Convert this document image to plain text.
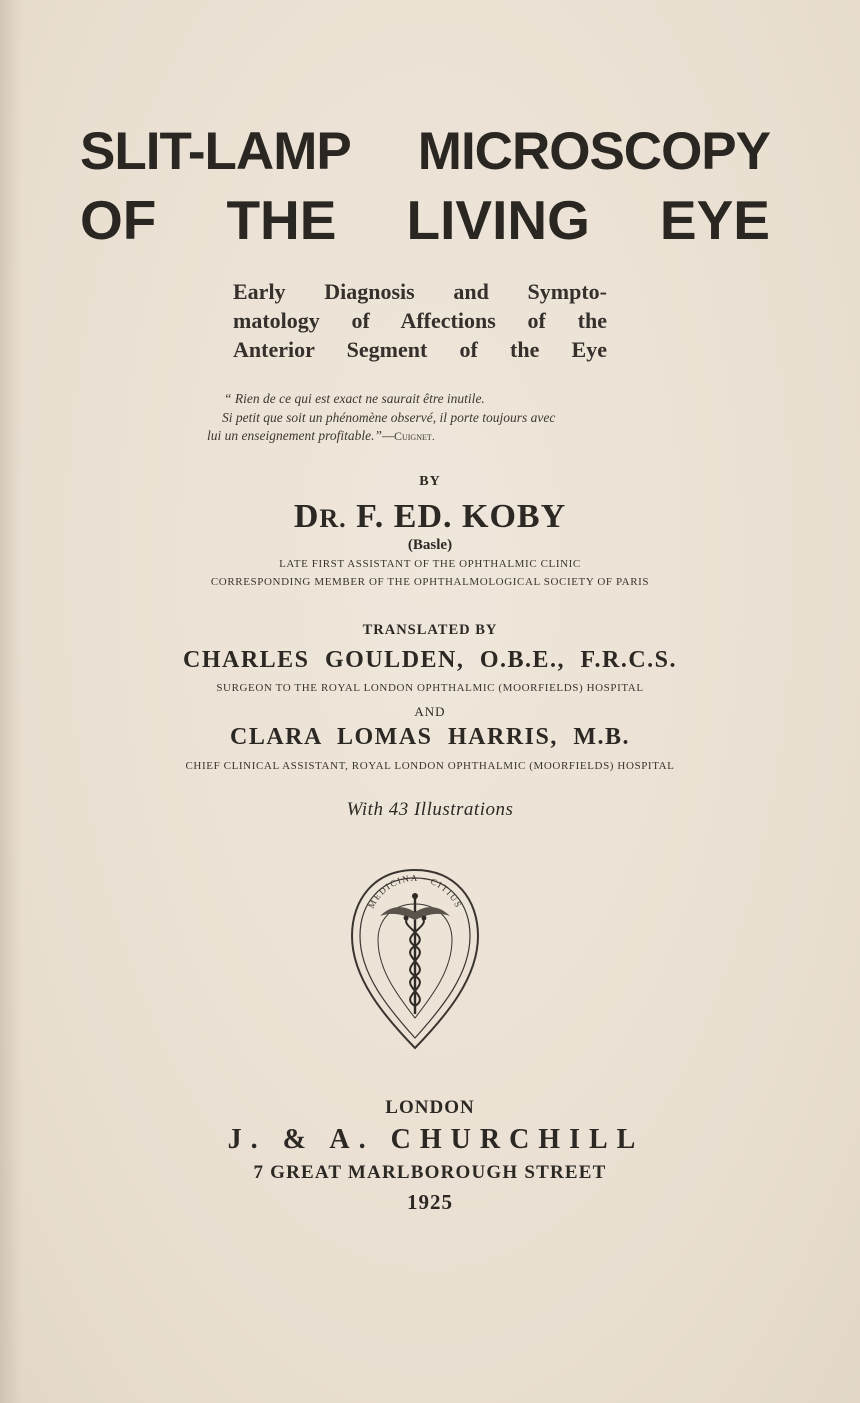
SLIT-LAMP MICROSCOPY
OF THE LIVING EYE
Early Diagnosis and Sympto-
matology of Affections of the
Anterior Segment of the Eye
“ Rien de ce qui est exact ne saurait être inutile.
Si petit que soit un phénomène observé, il porte toujours avec
lui un enseignement profitable.”—Cuignet.
BY
DR. F. ED. KOBY
(Basle)
LATE FIRST ASSISTANT OF THE OPHTHALMIC CLINIC
CORRESPONDING MEMBER OF THE OPHTHALMOLOGICAL SOCIETY OF PARIS
TRANSLATED BY
CHARLES GOULDEN, O.B.E., F.R.C.S.
SURGEON TO THE ROYAL LONDON OPHTHALMIC (MOORFIELDS) HOSPITAL
AND
CLARA LOMAS HARRIS, M.B.
CHIEF CLINICAL ASSISTANT, ROYAL LONDON OPHTHALMIC (MOORFIELDS) HOSPITAL
With 43 Illustrations
MEDICINA · CITIUS
LONDON
J. & A. CHURCHILL
7 GREAT MARLBOROUGH STREET
1925
